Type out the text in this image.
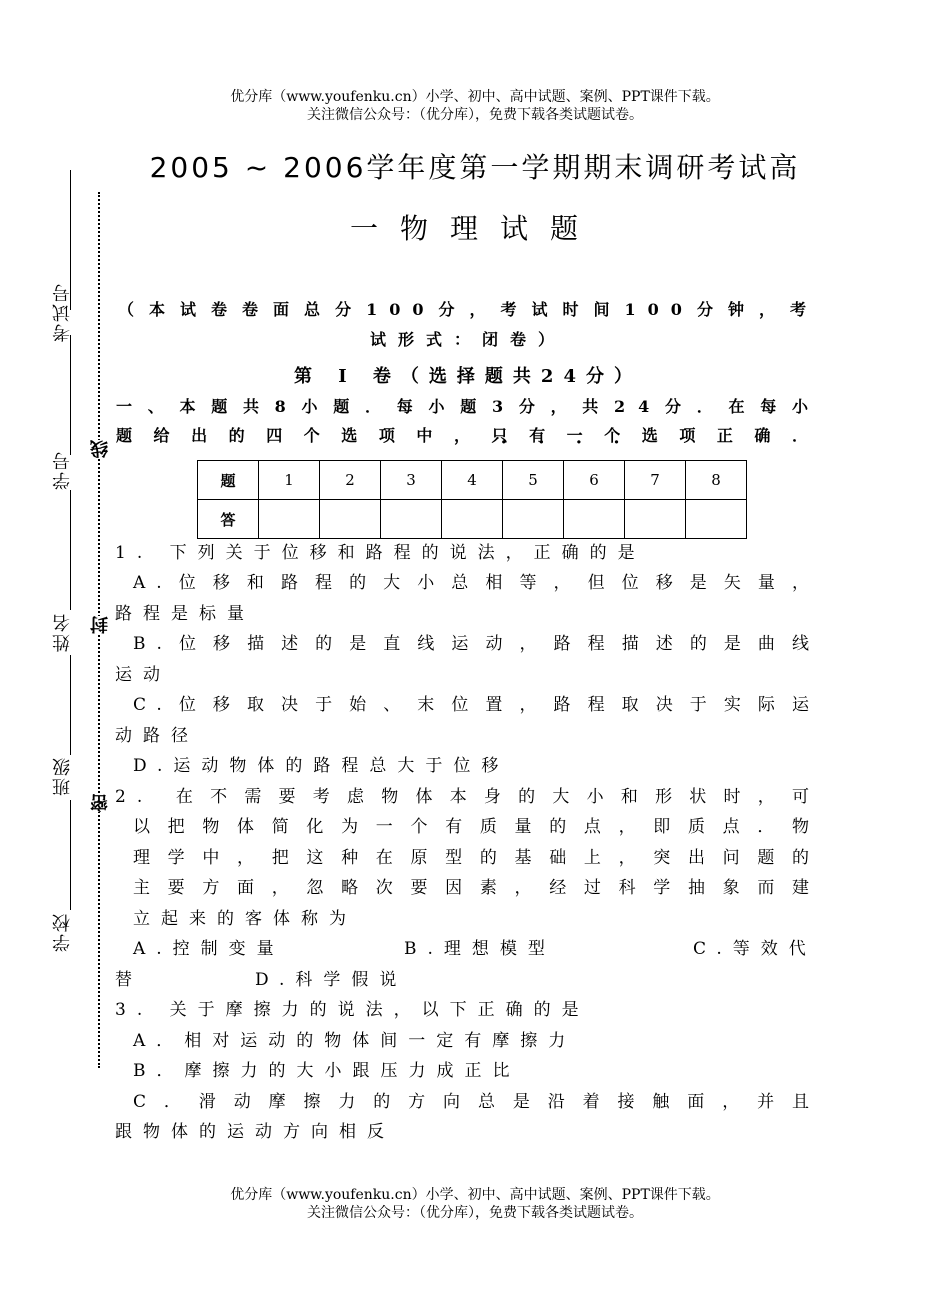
优分库（www.youfenku.cn）小学、初中、高中试题、案例、PPT课件下载。
关注微信公众号：（优分库），免费下载各类试题试卷。
考试号
学号
姓名
班级
学校
线
封
密
2005 ~ 2006学年度第一学期期末调研考试高
一物理试题
（本试卷卷面总分100分，考试时间100分钟，考
试形式：闭卷）
第 Ⅰ 卷（选择题共24分）
一、本题共8小题．每小题3分，共24分．在每小
题给出的四个选项中，只有一个选项正确．
题	1	2	3	4	5	6	7	8
答								
1. 下列关于位移和路程的说法，正确的是
A.位移和路程的大小总相等，但位移是矢量，
路程是标量
B.位移描述的是直线运动，路程描述的是曲线
运动
C.位移取决于始、末位置，路程取决于实际运
动路径
D.运动物体的路程总大于位移
2. 在不需要考虑物体本身的大小和形状时，可
以把物体简化为一个有质量的点，即质点．物
理学中，把这种在原型的基础上，突出问题的
主要方面，忽略次要因素，经过科学抽象而建
立起来的客体称为
A.控制变量	B.理想模型	C.等效代
替	D.科学假说
3. 关于摩擦力的说法，以下正确的是
A．相对运动的物体间一定有摩擦力
B．摩擦力的大小跟压力成正比
C．滑动摩擦力的方向总是沿着接触面，并且
跟物体的运动方向相反
优分库（www.youfenku.cn）小学、初中、高中试题、案例、PPT课件下载。
关注微信公众号：（优分库），免费下载各类试题试卷。
